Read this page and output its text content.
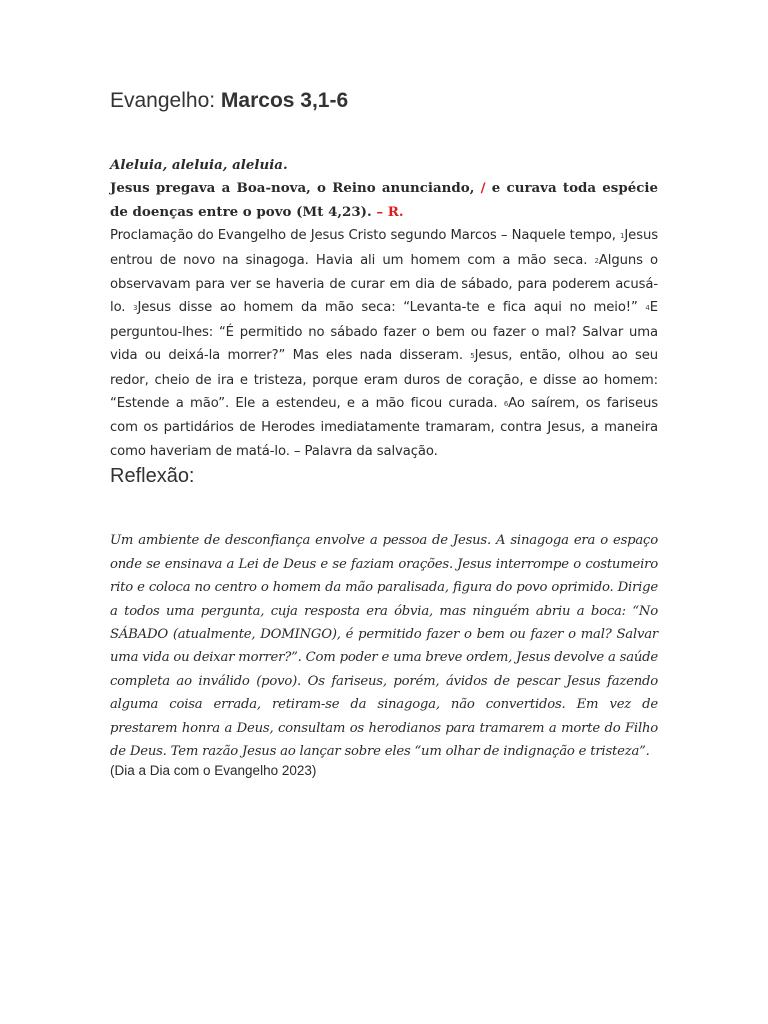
Evangelho: Marcos 3,1-6
Aleluia, aleluia, aleluia.
Jesus pregava a Boa-nova, o Reino anunciando, / e curava toda espécie de doenças entre o povo (Mt 4,23). – R.
Proclamação do Evangelho de Jesus Cristo segundo Marcos – Naquele tempo, 1Jesus entrou de novo na sinagoga. Havia ali um homem com a mão seca. 2Alguns o observavam para ver se haveria de curar em dia de sábado, para poderem acusá-lo. 3Jesus disse ao homem da mão seca: “Levanta-te e fica aqui no meio!” 4E perguntou-lhes: “É permitido no sábado fazer o bem ou fazer o mal? Salvar uma vida ou deixá-la morrer?” Mas eles nada disseram. 5Jesus, então, olhou ao seu redor, cheio de ira e tristeza, porque eram duros de coração, e disse ao homem: “Estende a mão”. Ele a estendeu, e a mão ficou curada. 6Ao saírem, os fariseus com os partidários de Herodes imediatamente tramaram, contra Jesus, a maneira como haveriam de matá-lo. – Palavra da salvação.
Reflexão:
Um ambiente de desconfiança envolve a pessoa de Jesus. A sinagoga era o espaço onde se ensinava a Lei de Deus e se faziam orações. Jesus interrompe o costumeiro rito e coloca no centro o homem da mão paralisada, figura do povo oprimido. Dirige a todos uma pergunta, cuja resposta era óbvia, mas ninguém abriu a boca: “No SÁBADO (atualmente, DOMINGO), é permitido fazer o bem ou fazer o mal? Salvar uma vida ou deixar morrer?”. Com poder e uma breve ordem, Jesus devolve a saúde completa ao inválido (povo). Os fariseus, porém, ávidos de pescar Jesus fazendo alguma coisa errada, retiram-se da sinagoga, não convertidos. Em vez de prestarem honra a Deus, consultam os herodianos para tramarem a morte do Filho de Deus. Tem razão Jesus ao lançar sobre eles “um olhar de indignação e tristeza”.
(Dia a Dia com o Evangelho 2023)
